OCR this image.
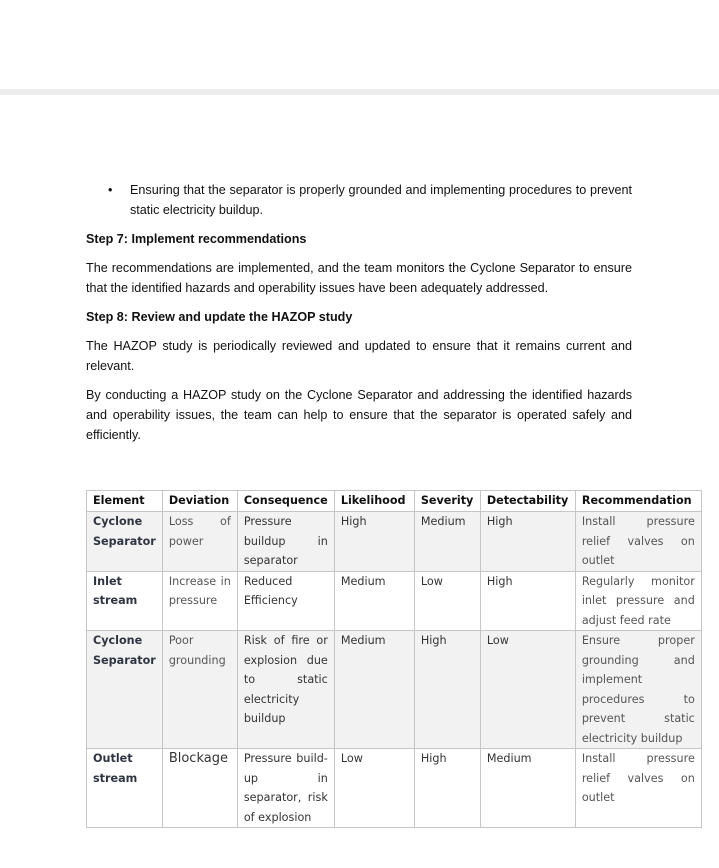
• Ensuring that the separator is properly grounded and implementing procedures to prevent static electricity buildup.

Step 7: Implement recommendations

The recommendations are implemented, and the team monitors the Cyclone Separator to ensure that the identified hazards and operability issues have been adequately addressed.

Step 8: Review and update the HAZOP study

The HAZOP study is periodically reviewed and updated to ensure that it remains current and relevant.

By conducting a HAZOP study on the Cyclone Separator and addressing the identified hazards and operability issues, the team can help to ensure that the separator is operated safely and efficiently.

Element	Deviation	Consequence	Likelihood	Severity	Detectability	Recommendation
Cyclone Separator	Loss of power	Pressure buildup in separator	High	Medium	High	Install pressure relief valves on outlet
Inlet stream	Increase in pressure	Reduced Efficiency	Medium	Low	High	Regularly monitor inlet pressure and adjust feed rate
Cyclone Separator	Poor grounding	Risk of fire or explosion due to static electricity buildup	Medium	High	Low	Ensure proper grounding and implement procedures to prevent static electricity buildup
Outlet stream	Blockage	Pressure build-up in separator, risk of explosion	Low	High	Medium	Install pressure relief valves on outlet
